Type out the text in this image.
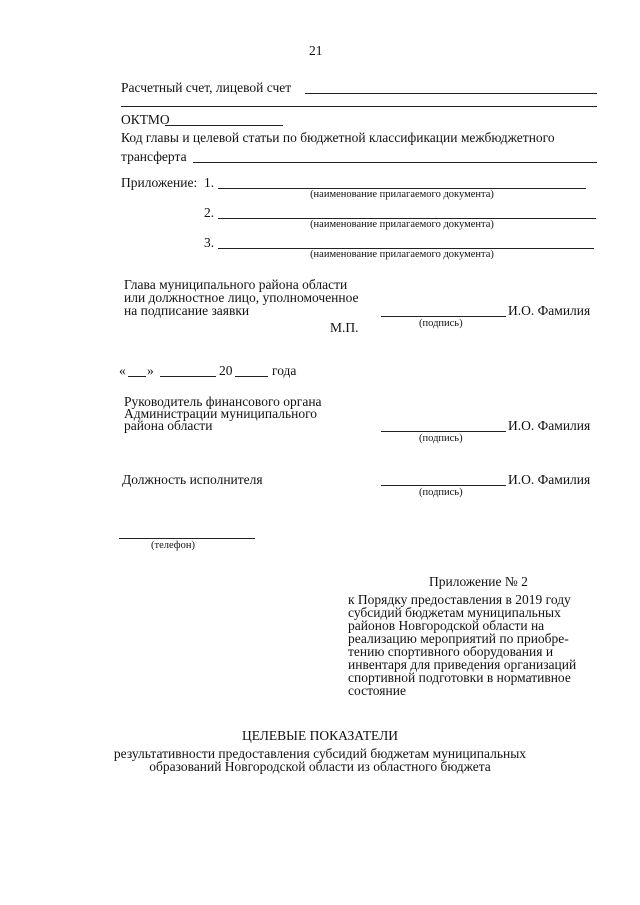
21
Расчетный счет, лицевой счет
ОКТМО
Код главы и целевой статьи по бюджетной классификации межбюджетного
трансферта
Приложение: 1.
(наименование прилагаемого документа)
2.
(наименование прилагаемого документа)
3.
(наименование прилагаемого документа)
Глава муниципального района области
или должностное лицо, уполномоченное
на подписание заявки
(подпись)
И.О. Фамилия
М.П.
« »	20	года
Руководитель финансового органа
Администрации муниципального
района области
(подпись)
И.О. Фамилия
Должность исполнителя
(подпись)
И.О. Фамилия
(телефон)
Приложение № 2
к Порядку предоставления в 2019 году
субсидий бюджетам муниципальных
районов Новгородской области на
реализацию мероприятий по приобре-
тению спортивного оборудования и
инвентаря для приведения организаций
спортивной подготовки в нормативное
состояние
ЦЕЛЕВЫЕ ПОКАЗАТЕЛИ
результативности предоставления субсидий бюджетам муниципальных
образований Новгородской области из областного бюджета
